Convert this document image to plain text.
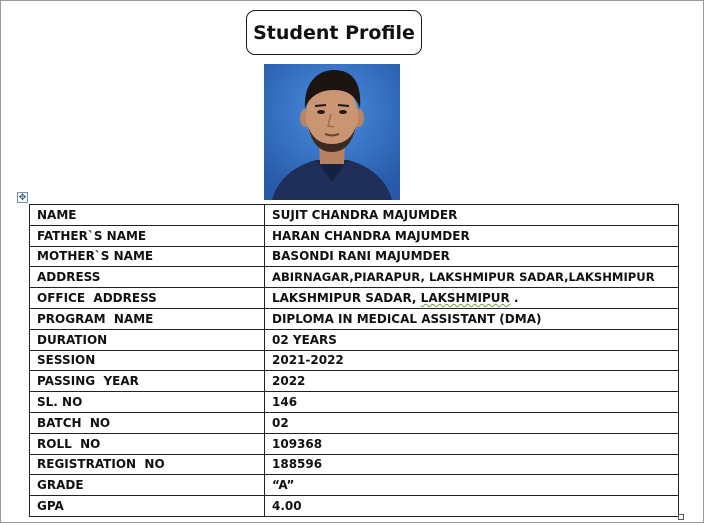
Student Profile
✥
NAME	SUJIT CHANDRA MAJUMDER
FATHER`S NAME	HARAN CHANDRA MAJUMDER
MOTHER`S NAME	BASONDI RANI MAJUMDER
ADDRESS	ABIRNAGAR,PIARAPUR, LAKSHMIPUR SADAR,LAKSHMIPUR
OFFICE  ADDRESS	LAKSHMIPUR SADAR, LAKSHMIPUR .
PROGRAM  NAME	DIPLOMA IN MEDICAL ASSISTANT (DMA)
DURATION	02 YEARS
SESSION	2021-2022
PASSING  YEAR	2022
SL. NO	146
BATCH  NO	02
ROLL  NO	109368
REGISTRATION  NO	188596
GRADE	“A”
GPA	4.00
